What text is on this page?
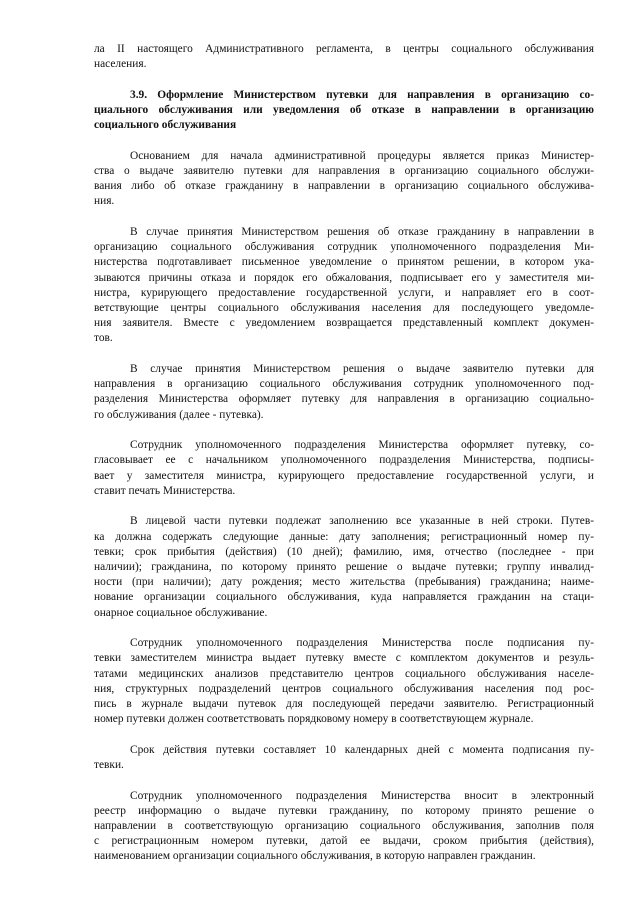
ла II настоящего Административного регламента, в центры социального обслуживания
населения.
3.9. Оформление Министерством путевки для направления в организацию со-
циального обслуживания или уведомления об отказе в направлении в организацию
социального обслуживания
Основанием для начала административной процедуры является приказ Министер-
ства о выдаче заявителю путевки для направления в организацию социального обслужи-
вания либо об отказе гражданину в направлении в организацию социального обслужива-
ния.
В случае принятия Министерством решения об отказе гражданину в направлении в
организацию социального обслуживания сотрудник уполномоченного подразделения Ми-
нистерства подготавливает письменное уведомление о принятом решении, в котором ука-
зываются причины отказа и порядок его обжалования, подписывает его у заместителя ми-
нистра, курирующего предоставление государственной услуги, и направляет его в соот-
ветствующие центры социального обслуживания населения для последующего уведомле-
ния заявителя. Вместе с уведомлением возвращается представленный комплект докумен-
тов.
В случае принятия Министерством решения о выдаче заявителю путевки для
направления в организацию социального обслуживания сотрудник уполномоченного под-
разделения Министерства оформляет путевку для направления в организацию социально-
го обслуживания (далее - путевка).
Сотрудник уполномоченного подразделения Министерства оформляет путевку, со-
гласовывает ее с начальником уполномоченного подразделения Министерства, подписы-
вает у заместителя министра, курирующего предоставление государственной услуги, и
ставит печать Министерства.
В лицевой части путевки подлежат заполнению все указанные в ней строки. Путев-
ка должна содержать следующие данные: дату заполнения; регистрационный номер пу-
тевки; срок прибытия (действия) (10 дней); фамилию, имя, отчество (последнее - при
наличии); гражданина, по которому принято решение о выдаче путевки; группу инвалид-
ности (при наличии); дату рождения; место жительства (пребывания) гражданина; наиме-
нование организации социального обслуживания, куда направляется гражданин на стаци-
онарное социальное обслуживание.
Сотрудник уполномоченного подразделения Министерства после подписания пу-
тевки заместителем министра выдает путевку вместе с комплектом документов и резуль-
татами медицинских анализов представителю центров социального обслуживания населе-
ния, структурных подразделений центров социального обслуживания населения под рос-
пись в журнале выдачи путевок для последующей передачи заявителю. Регистрационный
номер путевки должен соответствовать порядковому номеру в соответствующем журнале.
Срок действия путевки составляет 10 календарных дней с момента подписания пу-
тевки.
Сотрудник уполномоченного подразделения Министерства вносит в электронный
реестр информацию о выдаче путевки гражданину, по которому принято решение о
направлении в соответствующую организацию социального обслуживания, заполнив поля
с регистрационным номером путевки, датой ее выдачи, сроком прибытия (действия),
наименованием организации социального обслуживания, в которую направлен гражданин.
